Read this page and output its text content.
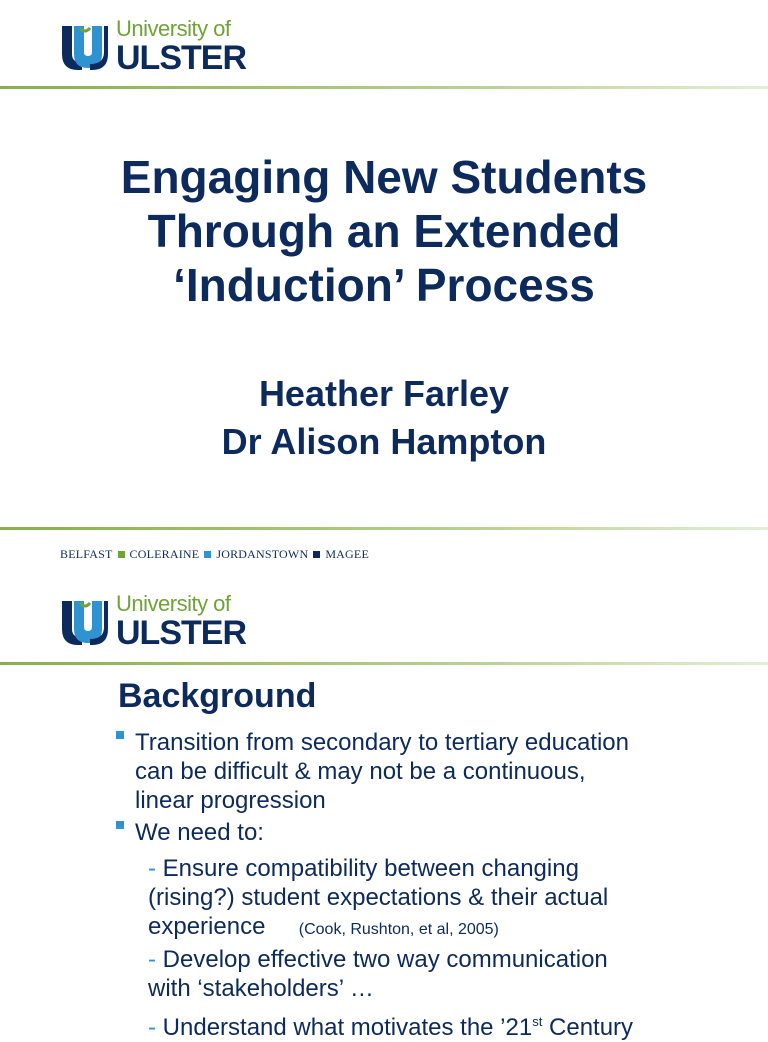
University of
ULSTER
Engaging New Students
Through an Extended
‘Induction’ Process
Heather Farley
Dr Alison Hampton
BELFAST COLERAINE JORDANSTOWN MAGEE
University of
ULSTER
Background
Transition from secondary to tertiary education
can be difficult & may not be a continuous,
linear progression
We need to:
- Ensure compatibility between changing
(rising?) student expectations & their actual
experience (Cook, Rushton, et al, 2005)
- Develop effective two way communication
with ‘stakeholders’ …
- Understand what motivates the ’21st Century
